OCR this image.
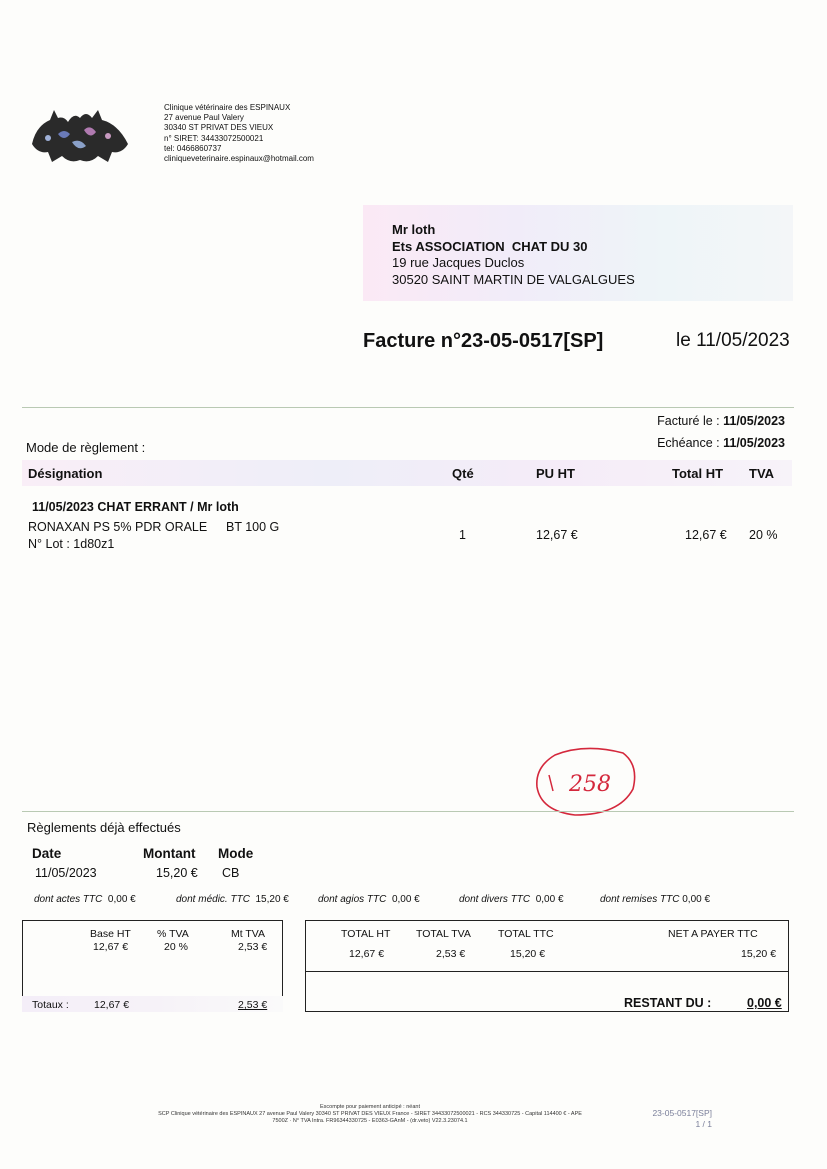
Clinique vétérinaire des ESPINAUX
27 avenue Paul Valery
30340 ST PRIVAT DES VIEUX
n° SIRET: 34433072500021
tel: 0466860737
cliniqueveterinaire.espinaux@hotmail.com
Mr loth
Ets ASSOCIATION  CHAT DU 30
19 rue Jacques Duclos
30520 SAINT MARTIN DE VALGALGUES
Facture n°23-05-0517[SP]	le 11/05/2023
Facturé le : 11/05/2023
Echéance : 11/05/2023
Mode de règlement :
Désignation	Qté	PU HT	Total HT TVA
11/05/2023 CHAT ERRANT / Mr loth
RONAXAN PS 5% PDR ORALE BT 100 G
N° Lot : 1d80z1
1	12,67 €	12,67 € 20 %
258
Règlements déjà effectués
Date	Montant Mode
11/05/2023	15,20 € CB
dont actes TTC 0,00 €	dont médic. TTC 15,20 €	dont agios TTC 0,00 €	dont divers TTC 0,00 €	dont remises TTC 0,00 €
Base HT % TVA	Mt TVA
12,67 €	20 %	2,53 €
Totaux : 12,67 €	2,53 €
TOTAL HT TOTAL TVA	TOTAL TTC	NET A PAYER TTC
12,67 €	2,53 €	15,20 €	15,20 €
RESTANT DU :	0,00 €
Escompte pour paiement anticipé : néant
SCP Clinique vétérinaire des ESPINAUX 27 avenue Paul Valery 30340 ST PRIVAT DES VIEUX France - SIRET 34433072500021 - RCS 344330725 - Capital 114400 € - APE
7500Z · N° TVA Intra. FR96344330725 - E0363-GAnM - (dr.veto) V22.3.23074.1
23-05-0517[SP]
1 / 1
